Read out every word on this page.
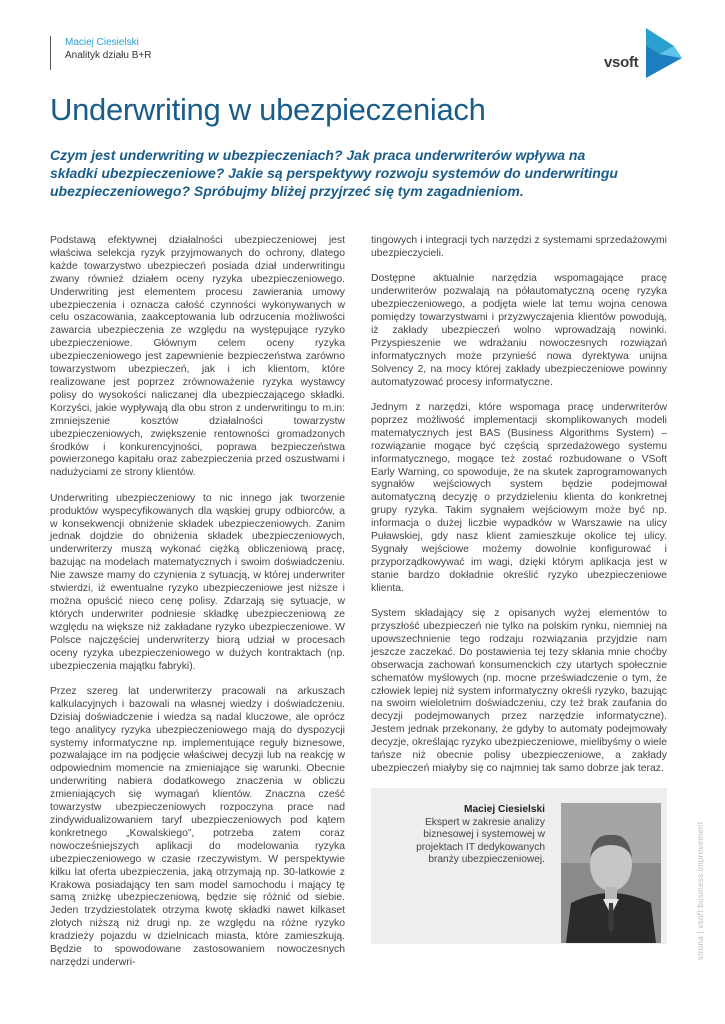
Maciej Ciesielski
Analityk działu B+R	vsoft
Underwriting w ubezpieczeniach

Czym jest underwriting w ubezpieczeniach? Jak praca underwriterów wpływa na składki ubezpieczeniowe? Jakie są perspektywy rozwoju systemów do underwritingu ubezpieczeniowego? Spróbujmy bliżej przyjrzeć się tym zagadnieniom.

Podstawą efektywnej działalności ubezpieczeniowej jest właściwa selekcja ryzyk przyjmowanych do ochrony, dlatego każde towarzystwo ubezpieczeń posiada dział underwritingu zwany również działem oceny ryzyka ubezpieczeniowego. Underwriting jest elementem procesu zawierania umowy ubezpieczenia i oznacza całość czynności wykonywanych w celu oszacowania, zaakceptowania lub odrzucenia możliwości zawarcia ubezpieczenia ze względu na występujące ryzyko ubezpieczeniowe. Głównym celem oceny ryzyka ubezpieczeniowego jest zapewnienie bezpieczeństwa zarówno towarzystwom ubezpieczeń, jak i ich klientom, które realizowane jest poprzez zrównoważenie ryzyka wystawcy polisy do wysokości naliczanej dla ubezpieczającego składki. Korzyści, jakie wypływają dla obu stron z underwritingu to m.in: zmniejszenie kosztów działalności towarzystw ubezpieczeniowych, zwiększenie rentowności gromadzonych środków i konkurencyjności, poprawa bezpieczeństwa powierzonego kapitału oraz zabezpieczenia przed oszustwami i nadużyciami ze strony klientów.

Underwriting ubezpieczeniowy to nic innego jak tworzenie produktów wyspecyfikowanych dla wąskiej grupy odbiorców, a w konsekwencji obniżenie składek ubezpieczeniowych. Zanim jednak dojdzie do obniżenia składek ubezpieczeniowych, underwriterzy muszą wykonać ciężką obliczeniową pracę, bazując na modelach matematycznych i swoim doświadczeniu. Nie zawsze mamy do czynienia z sytuacją, w której underwriter stwierdzi, iż ewentualne ryzyko ubezpieczeniowe jest niższe i można opuścić nieco cenę polisy. Zdarzają się sytuacje, w których underwriter podniesie składkę ubezpieczeniową ze względu na większe niż zakładane ryzyko ubezpieczeniowe. W Polsce najczęściej underwriterzy biorą udział w procesach oceny ryzyka ubezpieczeniowego w dużych kontraktach (np. ubezpieczenia majątku fabryki).

Przez szereg lat underwriterzy pracowali na arkuszach kalkulacyjnych i bazowali na własnej wiedzy i doświadczeniu. Dzisiaj doświadczenie i wiedza są nadal kluczowe, ale oprócz tego analitycy ryzyka ubezpieczeniowego mają do dyspozycji systemy informatyczne np. implementujące reguły biznesowe, pozwalające im na podjęcie właściwej decyzji lub na reakcję w odpowiednim momencie na zmieniające się warunki. Obecnie underwriting nabiera dodatkowego znaczenia w obliczu zmieniających się wymagań klientów. Znaczna cześć towarzystw ubezpieczeniowych rozpoczyna prace nad zindywidualizowaniem taryf ubezpieczeniowych pod kątem konkretnego „Kowalskiego”, potrzeba zatem coraz nowocześniejszych aplikacji do modelowania ryzyka ubezpieczeniowego w czasie rzeczywistym. W perspektywie kilku lat oferta ubezpieczenia, jaką otrzymają np. 30-latkowie z Krakowa posiadający ten sam model samochodu i mający tę samą zniżkę ubezpieczeniową, będzie się różnić od siebie. Jeden trzydziestolatek otrzyma kwotę składki nawet kilkaset złotych niższą niż drugi np. ze względu na różne ryzyko kradzieży pojazdu w dzielnicach miasta, które zamieszkują. Będzie to spowodowane zastosowaniem nowoczesnych narzędzi underwri-

tingowych i integracji tych narzędzi z systemami sprzedażowymi ubezpieczycieli.

Dostępne aktualnie narzędzia wspomagające pracę underwriterów pozwalają na półautomatyczną ocenę ryzyka ubezpieczeniowego, a podjęta wiele lat temu wojna cenowa pomiędzy towarzystwami i przyzwyczajenia klientów powodują, iż zakłady ubezpieczeń wolno wprowadzają nowinki. Przyspieszenie we wdrażaniu nowoczesnych rozwiązań informatycznych może przynieść nowa dyrektywa unijna Solvency 2, na mocy której zakłady ubezpieczeniowe powinny automatyzować procesy informatyczne.

Jednym z narzędzi, które wspomaga pracę underwriterów poprzez możliwość implementacji skomplikowanych modeli matematycznych jest BAS (Business Algorithms System) – rozwiązanie mogące być częścią sprzedażowego systemu informatycznego, mogące też zostać rozbudowane o VSoft Early Warning, co spowoduje, że na skutek zaprogramowanych sygnałów wejściowych system będzie podejmował automatyczną decyzję o przydzieleniu klienta do konkretnej grupy ryzyka. Takim sygnałem wejściowym może być np. informacja o dużej liczbie wypadków w Warszawie na ulicy Puławskiej, gdy nasz klient zamieszkuje okolice tej ulicy. Sygnały wejściowe możemy dowolnie konfigurować i przyporządkowywać im wagi, dzięki którym aplikacja jest w stanie bardzo dokładnie określić ryzyko ubezpieczeniowe klienta.

System składający się z opisanych wyżej elementów to przyszłość ubezpieczeń nie tylko na polskim rynku, niemniej na upowszechnienie tego rodzaju rozwiązania przyjdzie nam jeszcze zaczekać. Do postawienia tej tezy skłania mnie choćby obserwacja zachowań konsumenckich czy utartych społecznie schematów myślowych (np. mocne przeświadczenie o tym, że człowiek lepiej niż system informatyczny określi ryzyko, bazując na swoim wieloletnim doświadczeniu, czy też brak zaufania do decyzji podejmowanych przez narzędzie informatyczne). Jestem jednak przekonany, że gdyby to automaty podejmowały decyzje, określając ryzyko ubezpieczeniowe, mielibyśmy o wiele tańsze niż obecnie polisy ubezpieczeniowe, a zakłady ubezpieczeń miałyby się co najmniej tak samo dobrze jak teraz.

Maciej Ciesielski
Ekspert w zakresie analizy biznesowej i systemowej w projektach IT dedykowanych branży ubezpieczeniowej.	strona | vsoft business improvement
